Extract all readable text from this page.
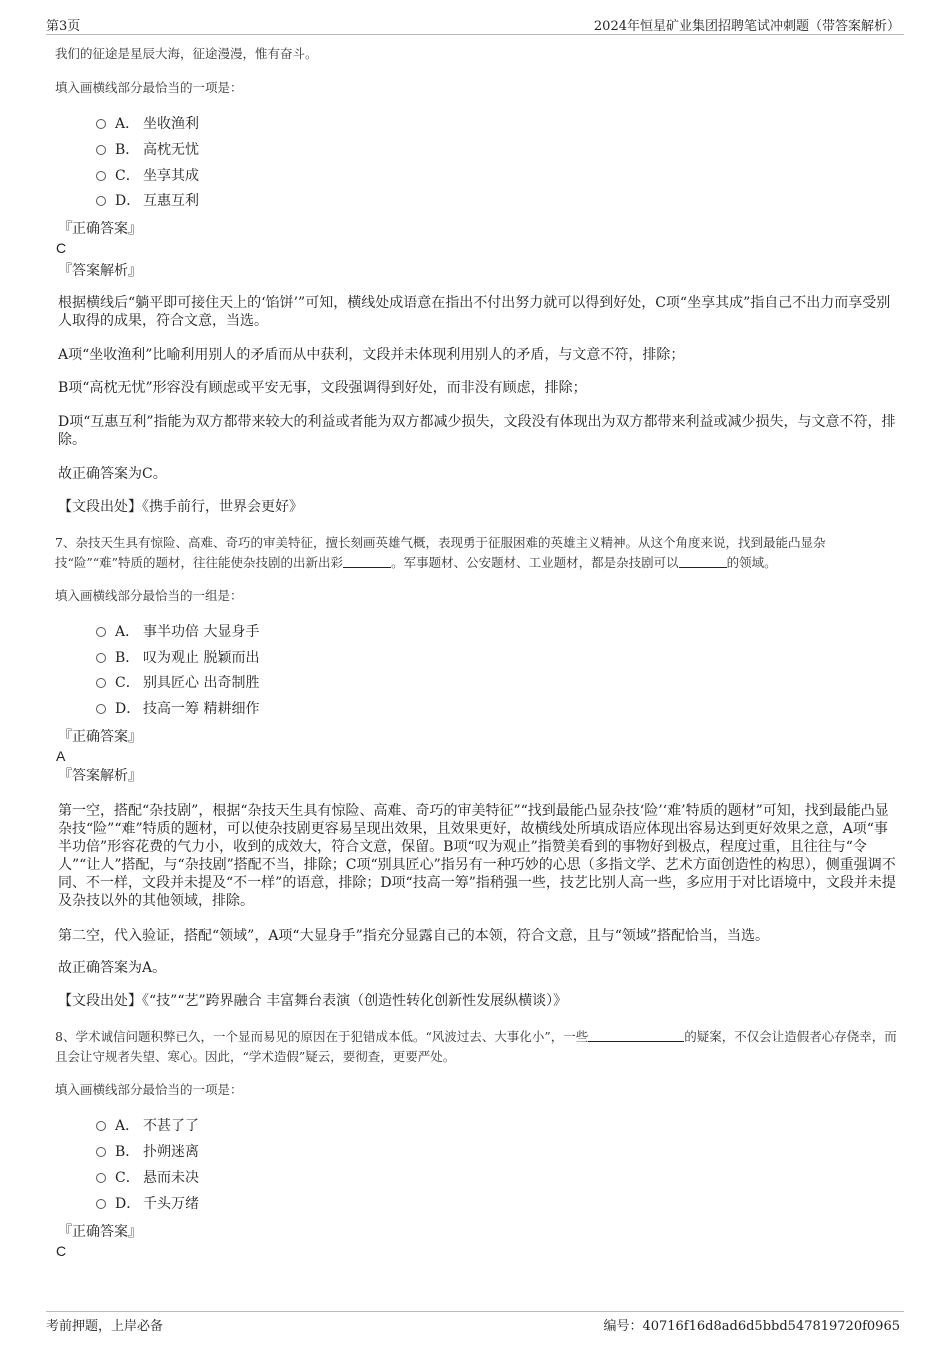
第3页	2024年恒星矿业集团招聘笔试冲刺题（带答案解析）
我们的征途是星辰大海，征途漫漫，惟有奋斗。
填入画横线部分最恰当的一项是：
A． 坐收渔利
B． 高枕无忧
C． 坐享其成
D． 互惠互利
『正确答案』
C
『答案解析』
根据横线后“躺平即可接住天上的‘馅饼’”可知，横线处成语意在指出不付出努力就可以得到好处，C项“坐享其成”指自己不出力而享受别人取得的成果，符合文意，当选。
A项“坐收渔利”比喻利用别人的矛盾而从中获利，文段并未体现利用别人的矛盾，与文意不符，排除；
B项“高枕无忧”形容没有顾虑或平安无事，文段强调得到好处，而非没有顾虑，排除；
D项“互惠互利”指能为双方都带来较大的利益或者能为双方都减少损失，文段没有体现出为双方都带来利益或减少损失，与文意不符，排除。
故正确答案为C。
【文段出处】《携手前行，世界会更好》
7、杂技天生具有惊险、高难、奇巧的审美特征，擅长刻画英雄气概，表现勇于征服困难的英雄主义精神。从这个角度来说，找到最能凸显杂技“险”“难”特质的题材，往往能使杂技剧的出新出彩	。军事题材、公安题材、工业题材，都是杂技剧可以	的领域。
填入画横线部分最恰当的一组是：
A． 事半功倍 大显身手
B． 叹为观止 脱颖而出
C． 别具匠心 出奇制胜
D． 技高一筹 精耕细作
『正确答案』
A
『答案解析』
第一空，搭配“杂技剧”，根据“杂技天生具有惊险、高难、奇巧的审美特征”“找到最能凸显杂技‘险’‘难’特质的题材”可知，找到最能凸显杂技“险”“难”特质的题材，可以使杂技剧更容易呈现出效果，且效果更好，故横线处所填成语应体现出容易达到更好效果之意，A项“事半功倍”形容花费的气力小，收到的成效大，符合文意，保留。B项“叹为观止”指赞美看到的事物好到极点，程度过重，且往往与“令人”“让人”搭配，与“杂技剧”搭配不当，排除；C项“别具匠心”指另有一种巧妙的心思（多指文学、艺术方面创造性的构思），侧重强调不同、不一样，文段并未提及“不一样”的语意，排除；D项“技高一筹”指稍强一些，技艺比别人高一些，多应用于对比语境中，文段并未提及杂技以外的其他领域，排除。
第二空，代入验证，搭配“领域”，A项“大显身手”指充分显露自己的本领，符合文意，且与“领域”搭配恰当，当选。
故正确答案为A。
【文段出处】《“技”“艺”跨界融合 丰富舞台表演（创造性转化创新性发展纵横谈）》
8、学术诚信问题积弊已久，一个显而易见的原因在于犯错成本低。“风波过去、大事化小”，一些	的疑案，不仅会让造假者心存侥幸，而且会让守规者失望、寒心。因此，“学术造假”疑云，要彻查，更要严处。
填入画横线部分最恰当的一项是：
A． 不甚了了
B． 扑朔迷离
C． 悬而未决
D． 千头万绪
『正确答案』
C
考前押题，上岸必备	编号：40716f16d8ad6d5bbd547819720f0965
